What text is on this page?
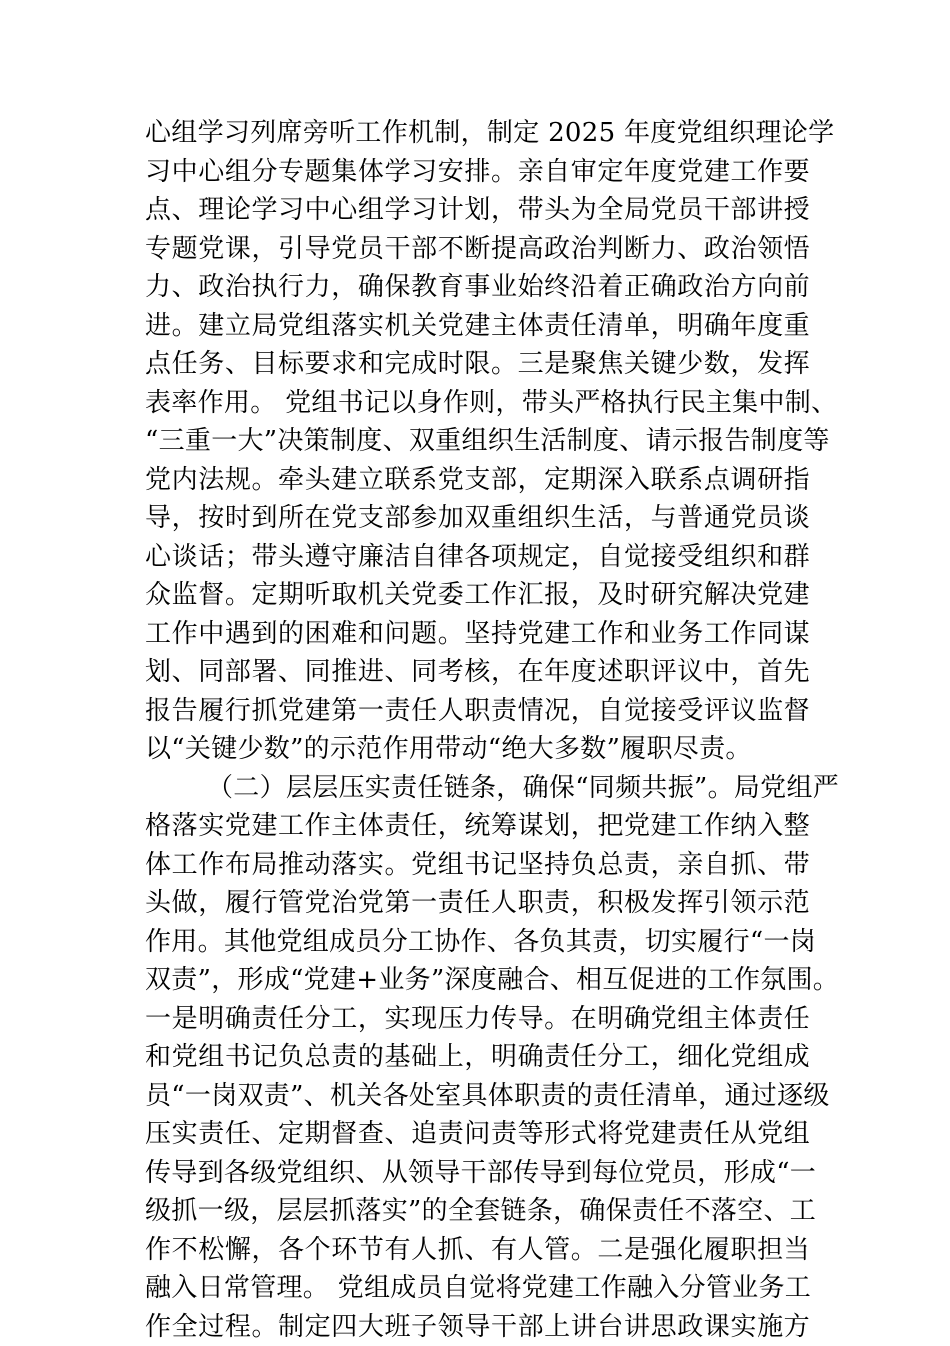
心组学习列席旁听工作机制，制定 2025 年度党组织理论学
习中心组分专题集体学习安排。亲自审定年度党建工作要
点、理论学习中心组学习计划，带头为全局党员干部讲授
专题党课，引导党员干部不断提高政治判断力、政治领悟
力、政治执行力，确保教育事业始终沿着正确政治方向前
进。建立局党组落实机关党建主体责任清单，明确年度重
点任务、目标要求和完成时限。三是聚焦关键少数，发挥
表率作用。 党组书记以身作则，带头严格执行民主集中制、
“三重一大”决策制度、双重组织生活制度、请示报告制度等
党内法规。牵头建立联系党支部，定期深入联系点调研指
导，按时到所在党支部参加双重组织生活，与普通党员谈
心谈话；带头遵守廉洁自律各项规定，自觉接受组织和群
众监督。定期听取机关党委工作汇报，及时研究解决党建
工作中遇到的困难和问题。坚持党建工作和业务工作同谋
划、同部署、同推进、同考核，在年度述职评议中，首先
报告履行抓党建第一责任人职责情况，自觉接受评议监督
以“关键少数”的示范作用带动“绝大多数”履职尽责。
（二）层层压实责任链条，确保“同频共振”。局党组严
格落实党建工作主体责任，统筹谋划，把党建工作纳入整
体工作布局推动落实。党组书记坚持负总责，亲自抓、带
头做，履行管党治党第一责任人职责，积极发挥引领示范
作用。其他党组成员分工协作、各负其责，切实履行“一岗
双责”，形成“党建+业务”深度融合、相互促进的工作氛围。
一是明确责任分工，实现压力传导。在明确党组主体责任
和党组书记负总责的基础上，明确责任分工，细化党组成
员“一岗双责”、机关各处室具体职责的责任清单，通过逐级
压实责任、定期督查、追责问责等形式将党建责任从党组
传导到各级党组织、从领导干部传导到每位党员，形成“一
级抓一级，层层抓落实”的全套链条，确保责任不落空、工
作不松懈，各个环节有人抓、有人管。二是强化履职担当
融入日常管理。 党组成员自觉将党建工作融入分管业务工
作全过程。制定四大班子领导干部上讲台讲思政课实施方
